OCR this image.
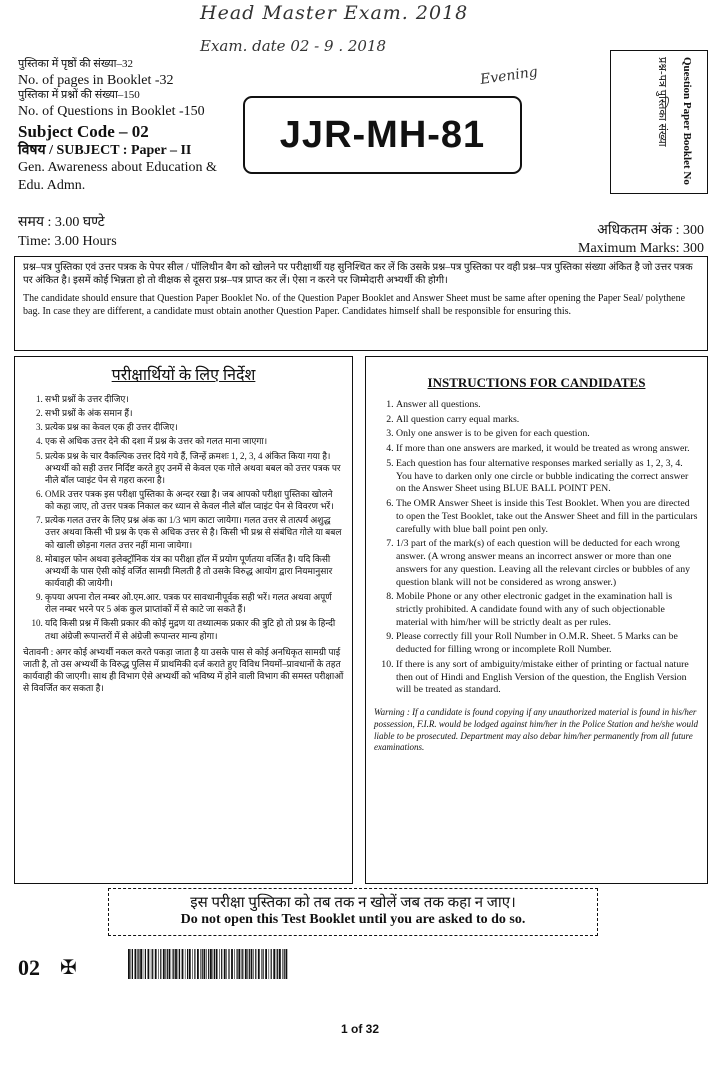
Head Master Exam. 2018
Exam. date 02 - 9 . 2018
Evening
पुस्तिका में पृष्ठों की संख्या–32
No. of pages in Booklet -32
पुस्तिका में प्रश्नों की संख्या–150
No. of Questions in Booklet -150
Subject Code – 02
विषय / SUBJECT : Paper – II
Gen. Awareness about Education & Edu. Admn.
समय : 3.00 घण्टे
Time: 3.00 Hours
JJR-MH-81	Question Paper Booklet No
प्रश्न-पत्र पुस्तिका संख्या
अधिकतम अंक : 300
Maximum Marks: 300

प्रश्न–पत्र पुस्तिका एवं उत्तर पत्रक के पेपर सील / पॉलिथीन बैग को खोलने पर परीक्षार्थी यह सुनिश्चित कर लें कि उसके प्रश्न–पत्र पुस्तिका पर वही प्रश्न–पत्र पुस्तिका संख्या अंकित है जो उत्तर पत्रक पर अंकित है। इसमें कोई भिन्नता हो तो वीक्षक से दूसरा प्रश्न–पत्र प्राप्त कर लें। ऐसा न करने पर जिम्मेदारी अभ्यर्थी की होगी।

The candidate should ensure that Question Paper Booklet No. of the Question Paper Booklet and Answer Sheet must be same after opening the Paper Seal/ polythene bag. In case they are different, a candidate must obtain another Question Paper. Candidates himself shall be responsible for ensuring this.

परीक्षार्थियों के लिए निर्देश
1. सभी प्रश्नों के उत्तर दीजिए।
2. सभी प्रश्नों के अंक समान हैं।
3. प्रत्येक प्रश्न का केवल एक ही उत्तर दीजिए।
4. एक से अधिक उत्तर देने की दशा में प्रश्न के उत्तर को गलत माना जाएगा।
5. प्रत्येक प्रश्न के चार वैकल्पिक उत्तर दिये गये हैं, जिन्हें क्रमशः 1, 2, 3, 4 अंकित किया गया है। अभ्यर्थी को सही उत्तर निर्दिष्ट करते हुए उनमें से केवल एक गोले अथवा बबल को उत्तर पत्रक पर नीले बॉल प्वाइंट पेन से गहरा करना है।
6. OMR उत्तर पत्रक इस परीक्षा पुस्तिका के अन्दर रखा है। जब आपको परीक्षा पुस्तिका खोलने को कहा जाए, तो उत्तर पत्रक निकाल कर ध्यान से केवल नीले बॉल प्वाइंट पेन से विवरण भरें।
7. प्रत्येक गलत उत्तर के लिए प्रश्न अंक का 1/3 भाग काटा जायेगा। गलत उत्तर से तात्पर्य अशुद्ध उत्तर अथवा किसी भी प्रश्न के एक से अधिक उत्तर से है। किसी भी प्रश्न से संबंधित गोले या बबल को खाली छोड़ना गलत उत्तर नहीं माना जायेगा।
8. मोबाइल फोन अथवा इलेक्ट्रॉनिक यंत्र का परीक्षा हॉल में प्रयोग पूर्णतया वर्जित है। यदि किसी अभ्यर्थी के पास ऐसी कोई वर्जित सामग्री मिलती है तो उसके विरुद्ध आयोग द्वारा नियमानुसार कार्यवाही की जायेगी।
9. कृपया अपना रोल नम्बर ओ.एम.आर. पत्रक पर सावधानीपूर्वक सही भरें। गलत अथवा अपूर्ण रोल नम्बर भरने पर 5 अंक कुल प्राप्तांकों में से काटे जा सकते हैं।
10. यदि किसी प्रश्न में किसी प्रकार की कोई मुद्रण या तथ्यात्मक प्रकार की त्रुटि हो तो प्रश्न के हिन्दी तथा अंग्रेजी रूपान्तरों में से अंग्रेजी रूपान्तर मान्य होगा।
चेतावनी : अगर कोई अभ्यर्थी नकल करते पकड़ा जाता है या उसके पास से कोई अनधिकृत सामग्री पाई जाती है, तो उस अभ्यर्थी के विरुद्ध पुलिस में प्राथमिकी दर्ज कराते हुए विविध नियमों–प्रावधानों के तहत कार्यवाही की जाएगी। साथ ही विभाग ऐसे अभ्यर्थी को भविष्य में होने वाली विभाग की समस्त परीक्षाओं से विवर्जित कर सकता है।
INSTRUCTIONS FOR CANDIDATES
1. Answer all questions.
2. All question carry equal marks.
3. Only one answer is to be given for each question.
4. If more than one answers are marked, it would be treated as wrong answer.
5. Each question has four alternative responses marked serially as 1, 2, 3, 4. You have to darken only one circle or bubble indicating the correct answer on the Answer Sheet using BLUE BALL POINT PEN.
6. The OMR Answer Sheet is inside this Test Booklet. When you are directed to open the Test Booklet, take out the Answer Sheet and fill in the particulars carefully with blue ball point pen only.
7. 1/3 part of the mark(s) of each question will be deducted for each wrong answer. (A wrong answer means an incorrect answer or more than one answers for any question. Leaving all the relevant circles or bubbles of any question blank will not be considered as wrong answer.)
8. Mobile Phone or any other electronic gadget in the examination hall is strictly prohibited. A candidate found with any of such objectionable material with him/her will be strictly dealt as per rules.
9. Please correctly fill your Roll Number in O.M.R. Sheet. 5 Marks can be deducted for filling wrong or incomplete Roll Number.
10. If there is any sort of ambiguity/mistake either of printing or factual nature then out of Hindi and English Version of the question, the English Version will be treated as standard.
Warning : If a candidate is found copying if any unauthorized material is found in his/her possession, F.I.R. would be lodged against him/her in the Police Station and he/she would liable to be prosecuted. Department may also debar him/her permanently from all future examinations.
इस परीक्षा पुस्तिका को तब तक न खोलें जब तक कहा न जाए।
Do not open this Test Booklet until you are asked to do so.
02 ✠
1 of 32
